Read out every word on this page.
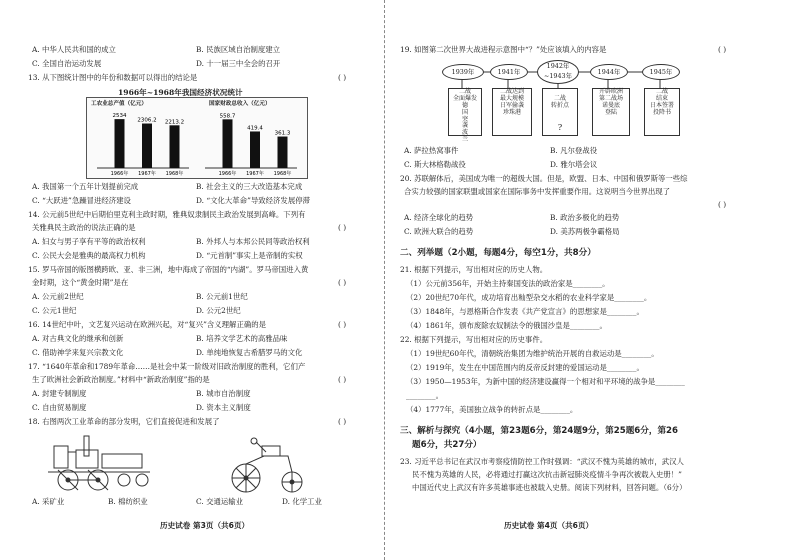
A. 中华人民共和国的成立	B. 民族区域自治制度建立
C. 全国自治运动发展	D. 十一届三中全会的召开
13. 从下图统计图中的年份和数据可以得出的结论是	( )
1966年~1968年我国经济状况统计
工农业总产值（亿元）	国家财政总收入（亿元）
2534
1966年
2306.2
1967年
2213.2
1968年
558.7
1966年
419.4
1967年
361.3
1968年
A. 我国第一个五年计划提前完成	B. 社会主义的三大改造基本完成
C. “大跃进”急躁冒进经济建设	D. “文化大革命”导致经济发展停滞
14. 公元前5世纪中后期伯里克利主政时期，雅典奴隶制民主政治发展到高峰。下列有
关雅典民主政治的说法正确的是	( )
A. 妇女与男子享有平等的政治权利	B. 外邦人与本邦公民同等政治权利
C. 公民大会是雅典的最高权力机构	D. “元首制”事实上是帝制的实权
15. 罗马帝国的版图横跨欧、亚、非三洲，地中海成了帝国的“内湖”。罗马帝国进入黄
金时期，这个“黄金时期”是在	( )
A. 公元前2世纪	B. 公元前1世纪
C. 公元1世纪	D. 公元2世纪
16. 14世纪中叶，文艺复兴运动在欧洲兴起，对“复兴”含义理解正确的是	( )
A. 对古典文化的继承和创新	B. 培养文学艺术的高雅品味
C. 借助神学来复兴宗教文化	D. 单纯地恢复古希腊罗马的文化
17. “1640年革命和1789年革命……是社会中某一阶级对旧政治制度的胜利，它们产
生了欧洲社会新政治制度。”材料中“新政治制度”指的是	( )
A. 封建专制制度	B. 城市自治制度
C. 自由贸易制度	D. 资本主义制度
18. 右图两次工业革命的部分发明，它们直接促进和发展了	( )
A. 采矿业	B. 棉纺织业	C. 交通运输业	D. 化学工业
历史试卷 第3页（共6页）
19. 如图第二次世界大战进程示意图中“？”处应该填入的内容是	( )
1939年	1941年
1942年~1943年	1944年	1945年
二战
全面爆发
德
国
突
袭
波
兰
二战达到
最大规模
日军偷袭
珍珠港

二战
转折点

?

开辟欧洲
第二战场
诺曼底
登陆
二战
结束
日本签署
投降书
A. 萨拉热窝事件	B. 凡尔登战役
C. 斯大林格勒战役	D. 雅尔塔会议
20. 苏联解体后，美国成为唯一的超级大国。但是，欧盟、日本、中国和俄罗斯等一些综
合实力较强的国家联盟或国家在国际事务中发挥重要作用。这说明当今世界出现了
( )
A. 经济全球化的趋势	B. 政治多极化的趋势
C. 欧洲大联合的趋势	D. 美苏两极争霸格局
二、列举题（2小题，每题4分，每空1分，共8分）
21. 根据下列提示，写出相对应的历史人物。
（1）公元前356年，开始主持秦国变法的政治家是________。
（2）20世纪70年代，成功培育出籼型杂交水稻的农业科学家是________。
（3）1848年，与恩格斯合作发表《共产党宣言》的思想家是________。
（4）1861年，颁布废除农奴制法令的俄国沙皇是________。
22. 根据下列提示，写出相对应的历史事件。
（1）19世纪60年代，清朝统治集团为维护统治开展的自救运动是________。
（2）1919年，发生在中国范围内的反帝反封建的爱国运动是________。
（3）1950—1953年，为新中国的经济建设赢得一个相对和平环境的战争是________
________。
（4）1777年，美国独立战争的转折点是________。
三、解析与探究（4小题，第23题6分，第24题9分，第25题6分，第26
题6分，共27分）
23. 习近平总书记在武汉市考察疫情防控工作时强调：“武汉不愧为英雄的城市，武汉人
民不愧为英雄的人民，必将通过打赢这次抗击新冠肺炎疫情斗争再次被载入史册！”
中国近代史上武汉有许多英雄事迹也被载入史册。阅读下列材料，回答问题。（6分）
历史试卷 第4页（共6页）
